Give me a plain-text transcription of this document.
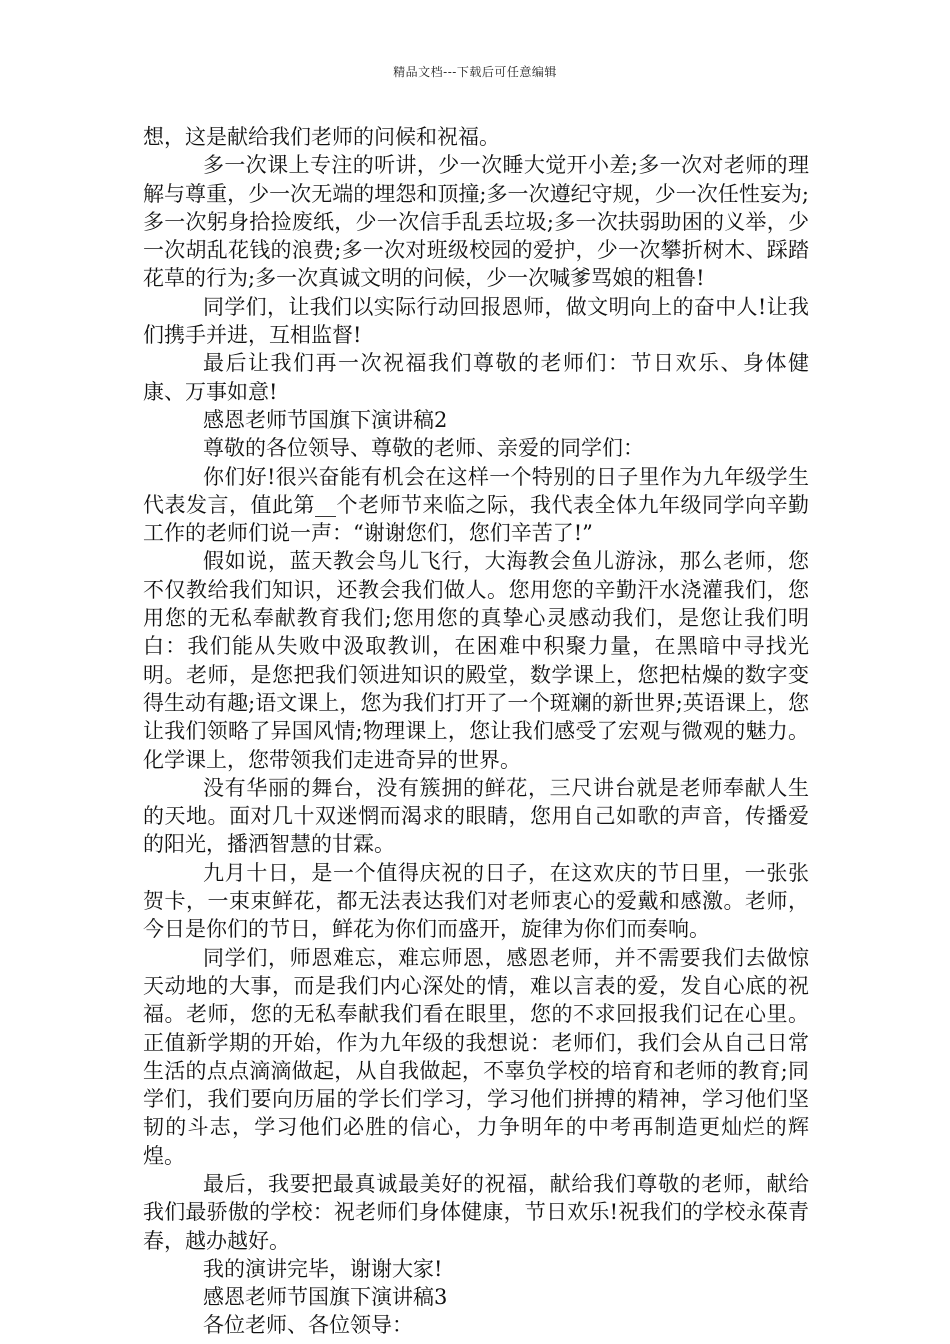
精品文档---下载后可任意编辑

想，这是献给我们老师的问候和祝福。

多一次课上专注的听讲，少一次睡大觉开小差;多一次对老师的理解与尊重，少一次无端的埋怨和顶撞;多一次遵纪守规，少一次任性妄为;多一次躬身拾捡废纸，少一次信手乱丢垃圾;多一次扶弱助困的义举，少一次胡乱花钱的浪费;多一次对班级校园的爱护，少一次攀折树木、踩踏花草的行为;多一次真诚文明的问候，少一次喊爹骂娘的粗鲁!

同学们，让我们以实际行动回报恩师，做文明向上的奋中人!让我们携手并进，互相监督!

最后让我们再一次祝福我们尊敬的老师们：节日欢乐、身体健康、万事如意!

感恩老师节国旗下演讲稿2

尊敬的各位领导、尊敬的老师、亲爱的同学们：

你们好!很兴奋能有机会在这样一个特别的日子里作为九年级学生代表发言，值此第__个老师节来临之际，我代表全体九年级同学向辛勤工作的老师们说一声：“谢谢您们，您们辛苦了!”

假如说，蓝天教会鸟儿飞行，大海教会鱼儿游泳，那么老师，您不仅教给我们知识，还教会我们做人。您用您的辛勤汗水浇灌我们，您用您的无私奉献教育我们;您用您的真挚心灵感动我们，是您让我们明白：我们能从失败中汲取教训，在困难中积聚力量，在黑暗中寻找光明。老师，是您把我们领进知识的殿堂，数学课上，您把枯燥的数字变得生动有趣;语文课上，您为我们打开了一个斑斓的新世界;英语课上，您让我们领略了异国风情;物理课上，您让我们感受了宏观与微观的魅力。化学课上，您带领我们走进奇异的世界。

没有华丽的舞台，没有簇拥的鲜花，三尺讲台就是老师奉献人生的天地。面对几十双迷惘而渴求的眼睛，您用自己如歌的声音，传播爱的阳光，播洒智慧的甘霖。

九月十日，是一个值得庆祝的日子，在这欢庆的节日里，一张张贺卡，一束束鲜花，都无法表达我们对老师衷心的爱戴和感激。老师，今日是你们的节日，鲜花为你们而盛开，旋律为你们而奏响。

同学们，师恩难忘，难忘师恩，感恩老师，并不需要我们去做惊天动地的大事，而是我们内心深处的情，难以言表的爱，发自心底的祝福。老师，您的无私奉献我们看在眼里，您的不求回报我们记在心里。正值新学期的开始，作为九年级的我想说：老师们，我们会从自己日常生活的点点滴滴做起，从自我做起，不辜负学校的培育和老师的教育;同学们，我们要向历届的学长们学习，学习他们拼搏的精神，学习他们坚韧的斗志，学习他们必胜的信心，力争明年的中考再制造更灿烂的辉煌。

最后，我要把最真诚最美好的祝福，献给我们尊敬的老师，献给我们最骄傲的学校：祝老师们身体健康，节日欢乐!祝我们的学校永葆青春，越办越好。

我的演讲完毕，谢谢大家!

感恩老师节国旗下演讲稿3

各位老师、各位领导：
